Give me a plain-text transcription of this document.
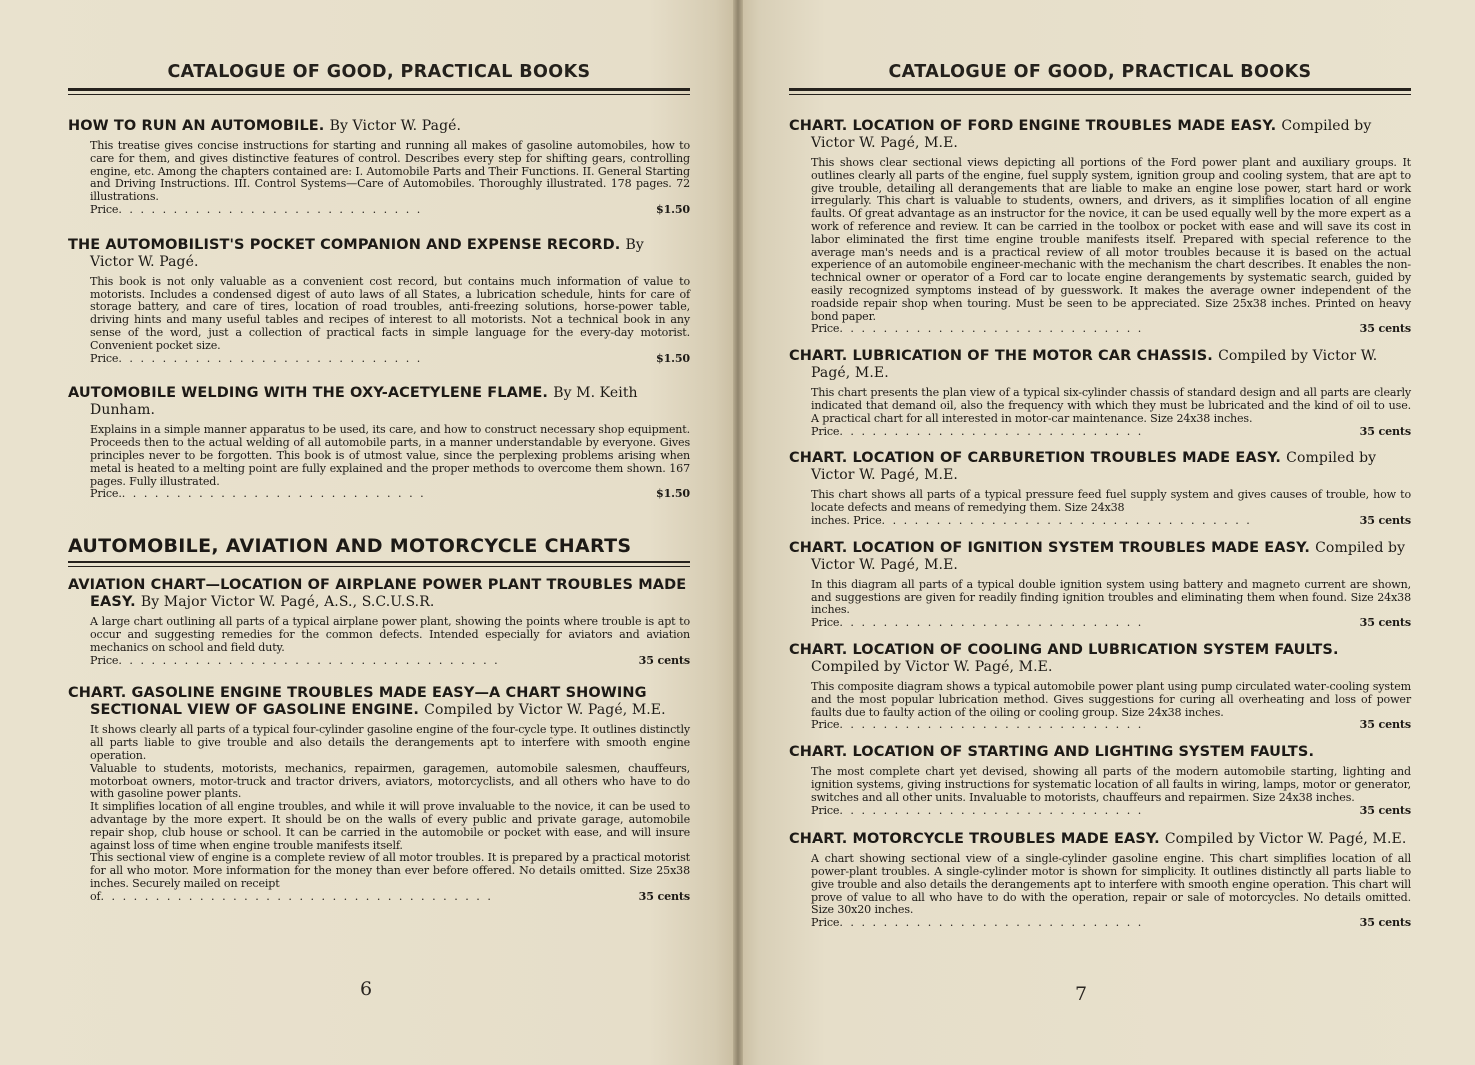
CATALOGUE OF GOOD, PRACTICAL BOOKS
HOW TO RUN AN AUTOMOBILE. By Victor W. Pagé.

This treatise gives concise instructions for starting and running all makes of gasoline automobiles, how to care for them, and gives distinctive features of control. Describes every step for shifting gears, controlling engine, etc. Among the chapters contained are: I. Automobile Parts and Their Functions. II. General Starting and Driving Instructions. III. Control Systems—Care of Automobiles. Thoroughly illustrated. 178 pages. 72 illustrations.

Price . . . . . . . . . . . . . . . . . . . . . . . . . . . .	$1.50
THE AUTOMOBILIST'S POCKET COMPANION AND EXPENSE RECORD. By Victor W. Pagé.

This book is not only valuable as a convenient cost record, but contains much information of value to motorists. Includes a condensed digest of auto laws of all States, a lubrication schedule, hints for care of storage battery, and care of tires, location of road troubles, anti-freezing solutions, horse-power table, driving hints and many useful tables and recipes of interest to all motorists. Not a technical book in any sense of the word, just a collection of practical facts in simple language for the every-day motorist. Convenient pocket size.

Price . . . . . . . . . . . . . . . . . . . . . . . . . . . .	$1.50
AUTOMOBILE WELDING WITH THE OXY-ACETYLENE FLAME. By M. Keith Dunham.

Explains in a simple manner apparatus to be used, its care, and how to construct necessary shop equipment. Proceeds then to the actual welding of all automobile parts, in a manner understandable by everyone. Gives principles never to be forgotten. This book is of utmost value, since the perplexing problems arising when metal is heated to a melting point are fully explained and the proper methods to overcome them shown. 167 pages. Fully illustrated.

Price. . . . . . . . . . . . . . . . . . . . . . . . . . . . .	$1.50
AUTOMOBILE, AVIATION AND MOTORCYCLE CHARTS
AVIATION CHART—LOCATION OF AIRPLANE POWER PLANT TROUBLES MADE EASY. By Major Victor W. Pagé, A.S., S.C.U.S.R.

A large chart outlining all parts of a typical airplane power plant, showing the points where trouble is apt to occur and suggesting remedies for the common defects. Intended especially for aviators and aviation mechanics on school and field duty.

Price . . . . . . . . . . . . . . . . . . . . . . . . . . . . . . . . . . .	35 cents
CHART. GASOLINE ENGINE TROUBLES MADE EASY—A CHART SHOWING SECTIONAL VIEW OF GASOLINE ENGINE. Compiled by Victor W. Pagé, M.E.

It shows clearly all parts of a typical four-cylinder gasoline engine of the four-cycle type. It outlines distinctly all parts liable to give trouble and also details the derangements apt to interfere with smooth engine operation.

Valuable to students, motorists, mechanics, repairmen, garagemen, automobile salesmen, chauffeurs, motorboat owners, motor-truck and tractor drivers, aviators, motorcyclists, and all others who have to do with gasoline power plants.

It simplifies location of all engine troubles, and while it will prove invaluable to the novice, it can be used to advantage by the more expert. It should be on the walls of every public and private garage, automobile repair shop, club house or school. It can be carried in the automobile or pocket with ease, and will insure against loss of time when engine trouble manifests itself.

This sectional view of engine is a complete review of all motor troubles. It is prepared by a practical motorist for all who motor. More information for the money than ever before offered. No details omitted. Size 25x38 inches. Securely mailed on receipt

of . . . . . . . . . . . . . . . . . . . . . . . . . . . . . . . . . . . .	35 cents
6
CATALOGUE OF GOOD, PRACTICAL BOOKS
CHART. LOCATION OF FORD ENGINE TROUBLES MADE EASY. Compiled by Victor W. Pagé, M.E.

This shows clear sectional views depicting all portions of the Ford power plant and auxiliary groups. It outlines clearly all parts of the engine, fuel supply system, ignition group and cooling system, that are apt to give trouble, detailing all derangements that are liable to make an engine lose power, start hard or work irregularly. This chart is valuable to students, owners, and drivers, as it simplifies location of all engine faults. Of great advantage as an instructor for the novice, it can be used equally well by the more expert as a work of reference and review. It can be carried in the toolbox or pocket with ease and will save its cost in labor eliminated the first time engine trouble manifests itself. Prepared with special reference to the average man's needs and is a practical review of all motor troubles because it is based on the actual experience of an automobile engineer-mechanic with the mechanism the chart describes. It enables the non-technical owner or operator of a Ford car to locate engine derangements by systematic search, guided by easily recognized symptoms instead of by guesswork. It makes the average owner independent of the roadside repair shop when touring. Must be seen to be appreciated. Size 25x38 inches. Printed on heavy bond paper.

Price . . . . . . . . . . . . . . . . . . . . . . . . . . . .	35 cents
CHART. LUBRICATION OF THE MOTOR CAR CHASSIS. Compiled by Victor W. Pagé, M.E.

This chart presents the plan view of a typical six-cylinder chassis of standard design and all parts are clearly indicated that demand oil, also the frequency with which they must be lubricated and the kind of oil to use. A practical chart for all interested in motor-car maintenance. Size 24x38 inches.

Price . . . . . . . . . . . . . . . . . . . . . . . . . . . .	35 cents
CHART. LOCATION OF CARBURETION TROUBLES MADE EASY. Compiled by Victor W. Pagé, M.E.

This chart shows all parts of a typical pressure feed fuel supply system and gives causes of trouble, how to locate defects and means of remedying them. Size 24x38

inches. Price . . . . . . . . . . . . . . . . . . . . . . . . . . . . . . . . . .	35 cents
CHART. LOCATION OF IGNITION SYSTEM TROUBLES MADE EASY. Compiled by Victor W. Pagé, M.E.

In this diagram all parts of a typical double ignition system using battery and magneto current are shown, and suggestions are given for readily finding ignition troubles and eliminating them when found. Size 24x38 inches.

Price . . . . . . . . . . . . . . . . . . . . . . . . . . . .	35 cents
CHART. LOCATION OF COOLING AND LUBRICATION SYSTEM FAULTS. Compiled by Victor W. Pagé, M.E.

This composite diagram shows a typical automobile power plant using pump circulated water-cooling system and the most popular lubrication method. Gives suggestions for curing all overheating and loss of power faults due to faulty action of the oiling or cooling group. Size 24x38 inches.

Price . . . . . . . . . . . . . . . . . . . . . . . . . . . .	35 cents
CHART. LOCATION OF STARTING AND LIGHTING SYSTEM FAULTS.

The most complete chart yet devised, showing all parts of the modern automobile starting, lighting and ignition systems, giving instructions for systematic location of all faults in wiring, lamps, motor or generator, switches and all other units. Invaluable to motorists, chauffeurs and repairmen. Size 24x38 inches.

Price . . . . . . . . . . . . . . . . . . . . . . . . . . . .	35 cents
CHART. MOTORCYCLE TROUBLES MADE EASY. Compiled by Victor W. Pagé, M.E.

A chart showing sectional view of a single-cylinder gasoline engine. This chart simplifies location of all power-plant troubles. A single-cylinder motor is shown for simplicity. It outlines distinctly all parts liable to give trouble and also details the derangements apt to interfere with smooth engine operation. This chart will prove of value to all who have to do with the operation, repair or sale of motorcycles. No details omitted. Size 30x20 inches.

Price . . . . . . . . . . . . . . . . . . . . . . . . . . . .	35 cents
7
